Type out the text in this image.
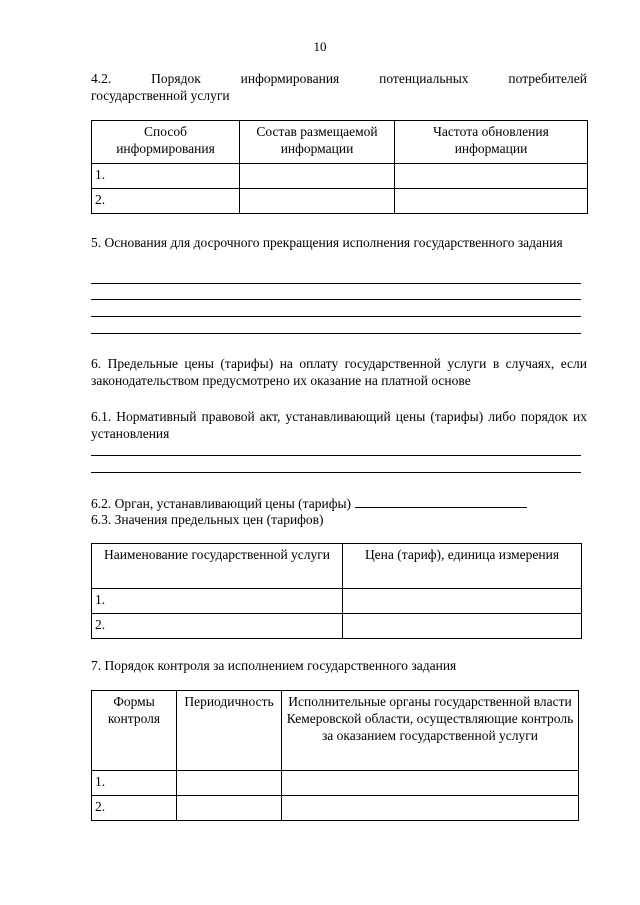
10
4.2.	Порядок	информирования	потенциальных	потребителей
государственной услуги
Способ информирования	Состав размещаемой информации	Частота обновления информации
1.		
2.		
5. Основания для досрочного прекращения исполнения государственного задания
6. Предельные цены (тарифы) на оплату государственной услуги в случаях, если законодательством предусмотрено их оказание на платной основе
6.1. Нормативный правовой акт, устанавливающий цены (тарифы) либо порядок их установления
6.2. Орган, устанавливающий цены (тарифы)
6.3. Значения предельных цен (тарифов)
Наименование государственной услуги	Цена (тариф), единица измерения
1.	
2.	
7. Порядок контроля за исполнением государственного задания
Формы контроля	Периодичность	Исполнительные органы государственной власти Кемеровской области, осуществляющие контроль за оказанием государственной услуги
1.		
2.		
